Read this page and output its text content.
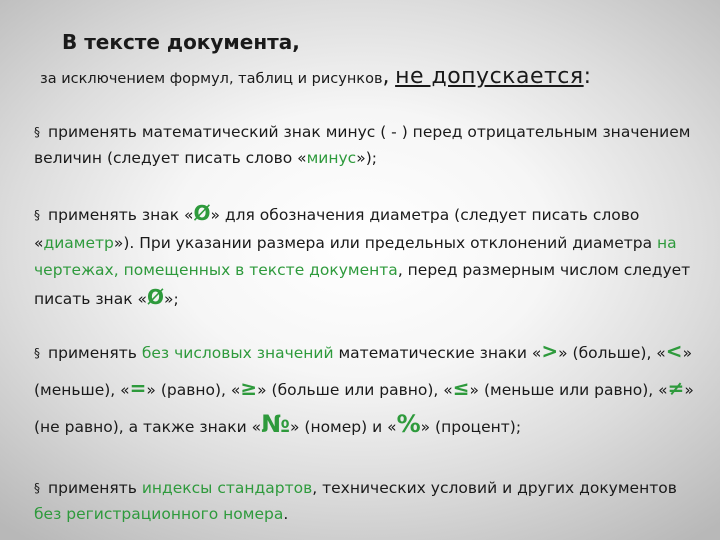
В тексте документа,
за исключением формул, таблиц и рисунков, не допускается:
§ применять математический знак минус ( - ) перед отрицательным значением величин (следует писать слово «минус»);
§ применять знак «Ø» для обозначения диаметра (следует писать слово «диаметр»). При указании размера или предельных отклонений диаметра на чертежах, помещенных в тексте документа, перед размерным числом следует писать знак «Ø»;
§ применять без числовых значений математические знаки «>» (больше), «<» (меньше), «=» (равно), «≥» (больше или равно), «≤» (меньше или равно), «≠» (не равно), а также знаки «№» (номер) и «%» (процент);
§ применять индексы стандартов, технических условий и других документов без регистрационного номера.
